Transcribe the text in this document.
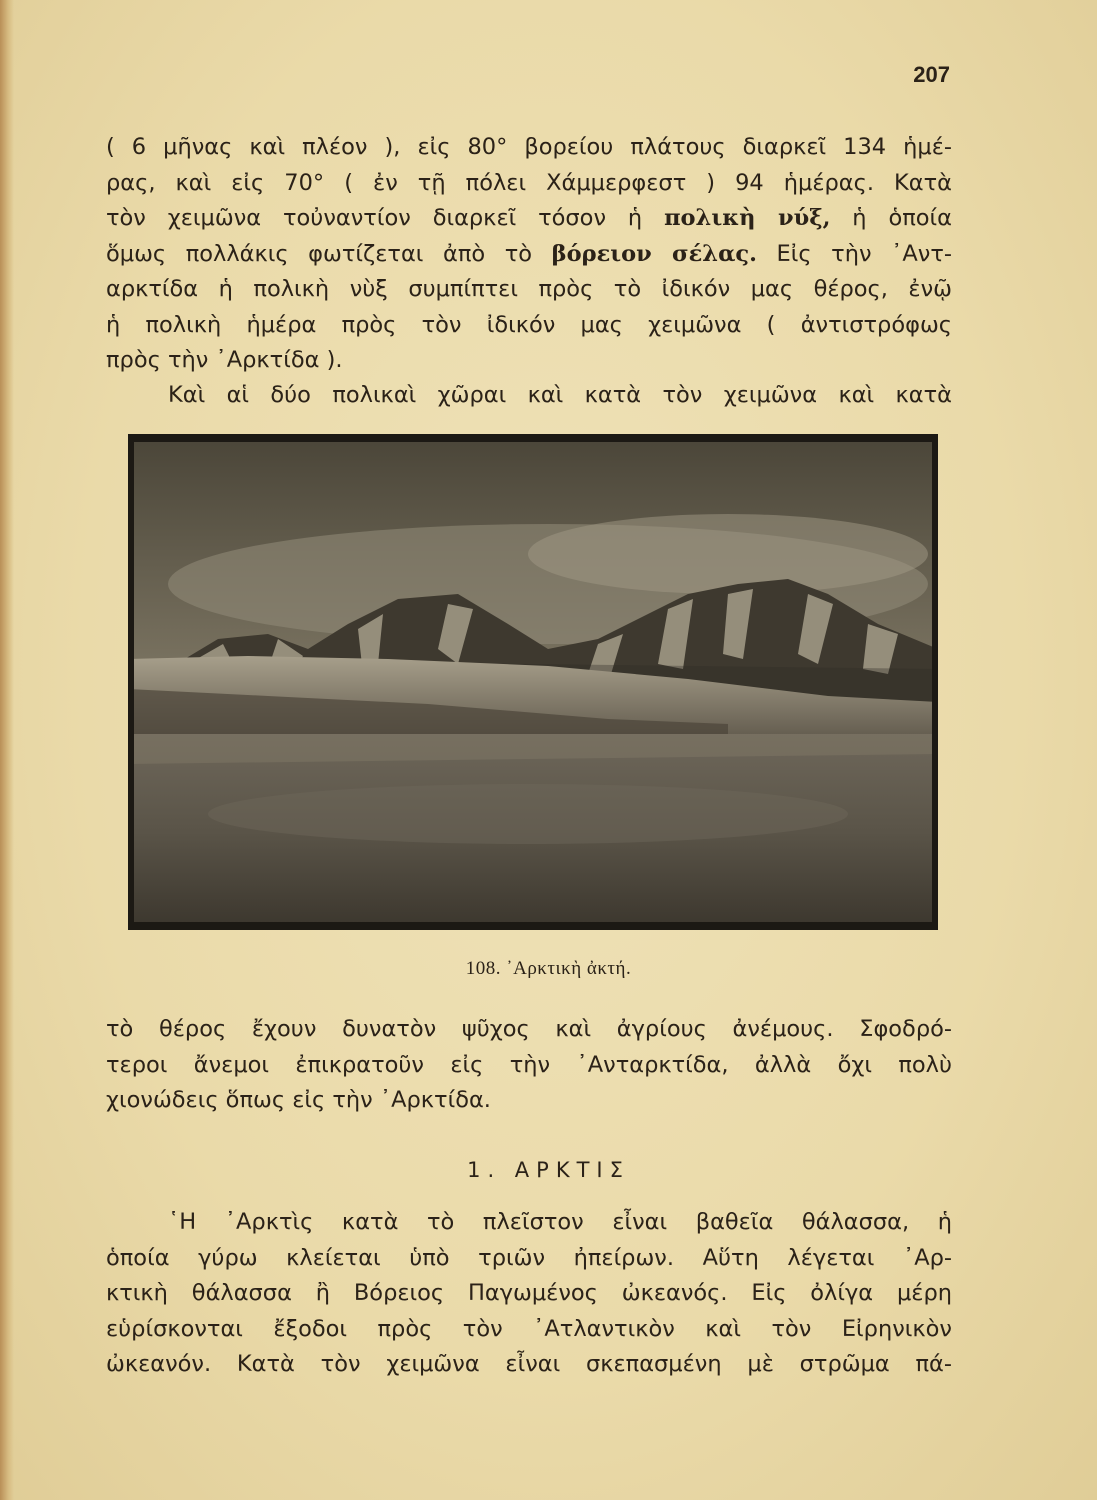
207
( 6 μῆνας καὶ πλέον ), εἰς 80° βορείου πλάτους διαρκεῖ 134 ἡμέ-
ρας, καὶ εἰς 70° ( ἐν τῇ πόλει Χάμμερφεστ ) 94 ἡμέρας. Κατὰ
τὸν χειμῶνα τοὐναντίον διαρκεῖ τόσον ἡ πολικὴ νύξ, ἡ ὁποία
ὅμως πολλάκις φωτίζεται ἀπὸ τὸ βόρειον σέλας. Εἰς τὴν ᾿Αντ-
αρκτίδα ἡ πολικὴ νὺξ συμπίπτει πρὸς τὸ ἰδικόν μας θέρος, ἐνῷ
ἡ πολικὴ ἡμέρα πρὸς τὸν ἰδικόν μας χειμῶνα ( ἀντιστρόφως
πρὸς τὴν ᾿Αρκτίδα ).
Καὶ αἱ δύο πολικαὶ χῶραι καὶ κατὰ τὸν χειμῶνα καὶ κατὰ
108. ᾿Αρκτικὴ ἀκτή.
τὸ θέρος ἔχουν δυνατὸν ψῦχος καὶ ἀγρίους ἀνέμους. Σφοδρό-
τεροι ἄνεμοι ἐπικρατοῦν εἰς τὴν ᾿Ανταρκτίδα, ἀλλὰ ὄχι πολὺ
χιονώδεις ὅπως εἰς τὴν ᾿Αρκτίδα.
1. ΑΡΚΤΙΣ
῾Η ᾿Αρκτὶς κατὰ τὸ πλεῖστον εἶναι βαθεῖα θάλασσα, ἡ
ὁποία γύρω κλείεται ὑπὸ τριῶν ἠπείρων. Αὕτη λέγεται ᾿Αρ-
κτικὴ θάλασσα ἢ Βόρειος Παγωμένος ὠκεανός. Εἰς ὀλίγα μέρη
εὑρίσκονται ἔξοδοι πρὸς τὸν ᾿Ατλαντικὸν καὶ τὸν Εἰρηνικὸν
ὠκεανόν. Κατὰ τὸν χειμῶνα εἶναι σκεπασμένη μὲ στρῶμα πά-
